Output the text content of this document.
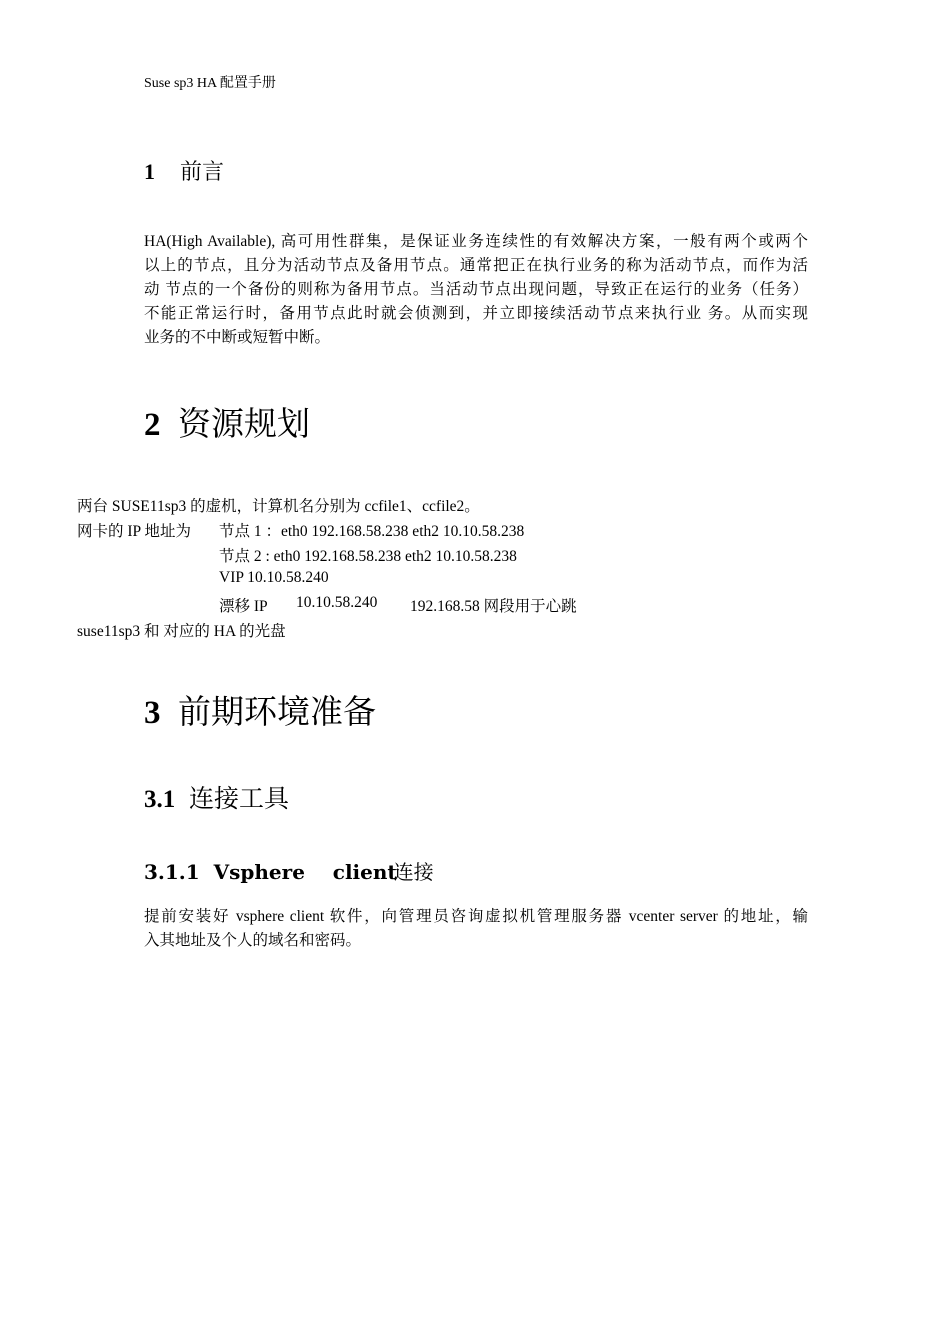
Suse sp3 HA 配置手册
1 前言
HA(High Available), 高可用性群集，是保证业务连续性的有效解决方案，一般有两个或两个
以上的节点，且分为活动节点及备用节点。通常把正在执行业务的称为活动节点，而作为活
动 节点的一个备份的则称为备用节点。当活动节点出现问题，导致正在运行的业务（任务）
不能正常运行时，备用节点此时就会侦测到，并立即接续活动节点来执行业 务。从而实现
业务的不中断或短暂中断。
2 资源规划
两台 SUSE11sp3 的虚机，计算机名分别为 ccfile1、ccfile2。
网卡的 IP 地址为 节点 1 ：eth0 192.168.58.238 eth2 10.10.58.238
节点 2 : eth0 192.168.58.238 eth2 10.10.58.238
VIP 10.10.58.240
漂移 IP 10.10.58.240 192.168.58 网段用于心跳
suse11sp3 和 对应的 HA 的光盘
3 前期环境准备
3.1 连接工具
3.1.1 Vsphere    client连接
提前安装好 vsphere client 软件，向管理员咨询虚拟机管理服务器 vcenter server 的地址，输
入其地址及个人的域名和密码。
